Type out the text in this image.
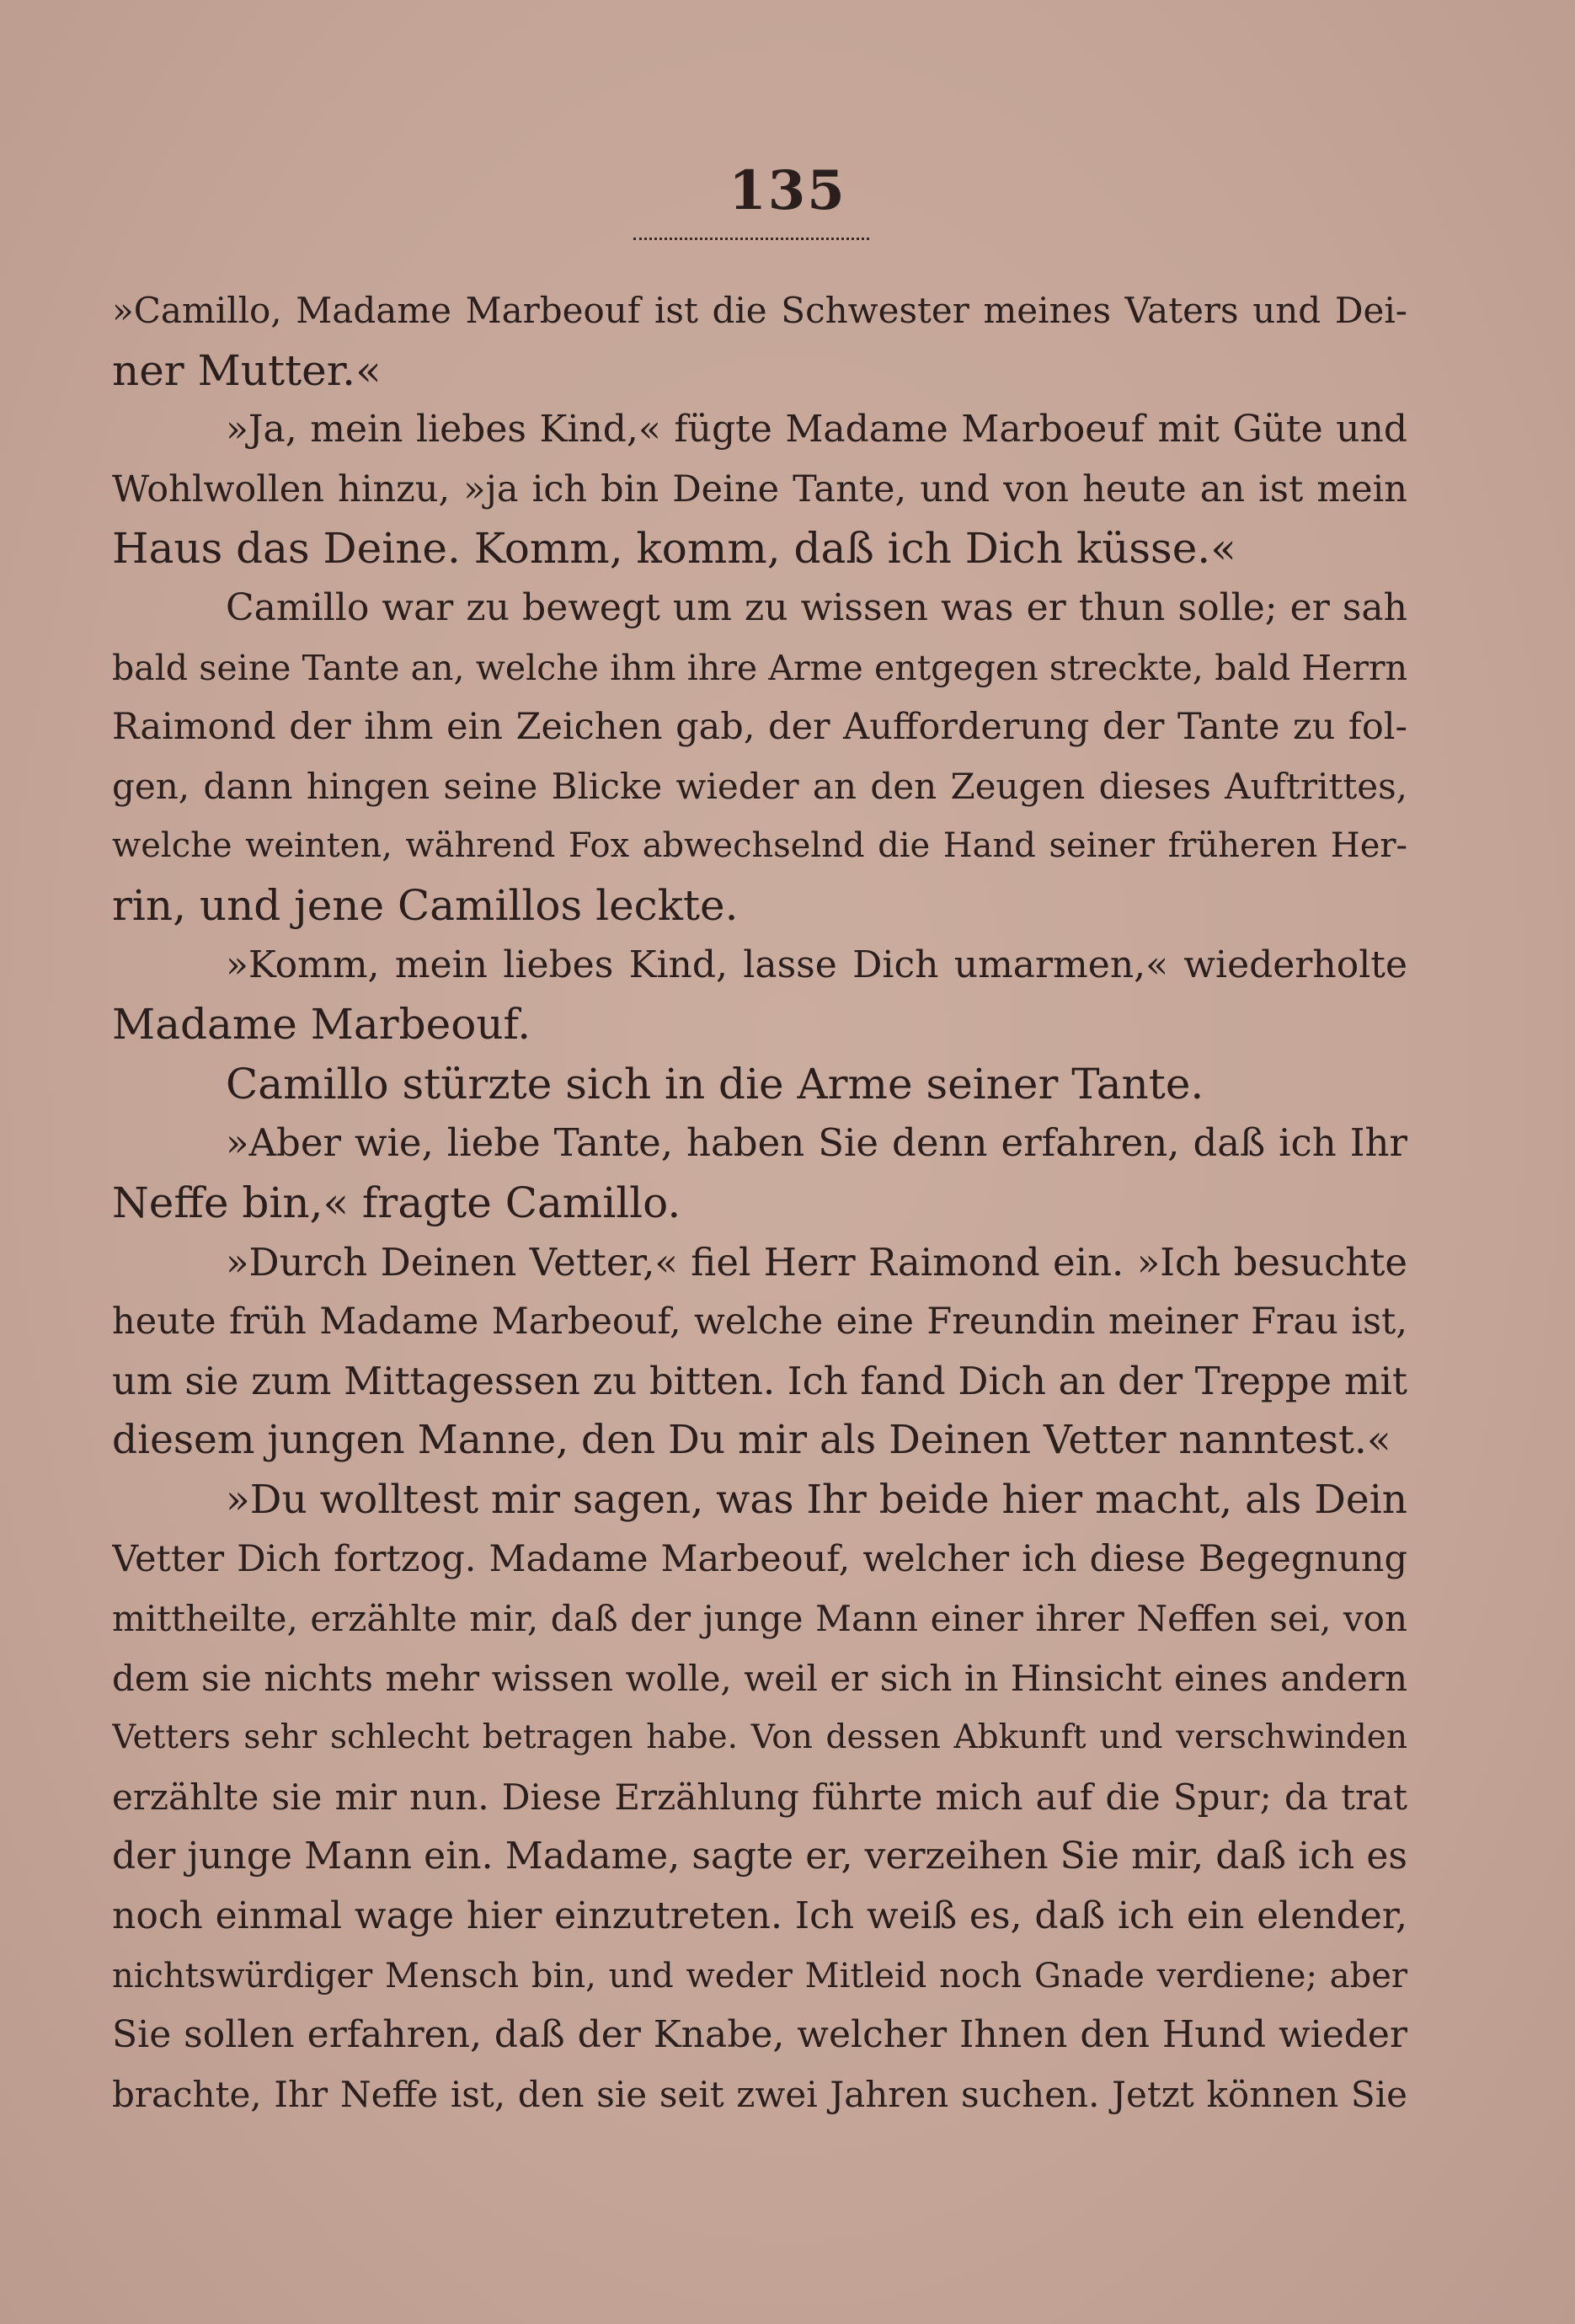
135
»Camillo, Madame Marbeouf ist die Schwester meines Vaters und Dei-
ner Mutter.«
»Ja, mein liebes Kind,« fügte Madame Marboeuf mit Güte und
Wohlwollen hinzu, »ja ich bin Deine Tante, und von heute an ist mein
Haus das Deine. Komm, komm, daß ich Dich küsse.«
Camillo war zu bewegt um zu wissen was er thun solle; er sah
bald seine Tante an, welche ihm ihre Arme entgegen streckte, bald Herrn
Raimond der ihm ein Zeichen gab, der Aufforderung der Tante zu fol-
gen, dann hingen seine Blicke wieder an den Zeugen dieses Auftrittes,
welche weinten, während Fox abwechselnd die Hand seiner früheren Her-
rin, und jene Camillos leckte.
»Komm, mein liebes Kind, lasse Dich umarmen,« wiederholte
Madame Marbeouf.
Camillo stürzte sich in die Arme seiner Tante.
»Aber wie, liebe Tante, haben Sie denn erfahren, daß ich Ihr
Neffe bin,« fragte Camillo.
»Durch Deinen Vetter,« fiel Herr Raimond ein. »Ich besuchte
heute früh Madame Marbeouf, welche eine Freundin meiner Frau ist,
um sie zum Mittagessen zu bitten. Ich fand Dich an der Treppe mit
diesem jungen Manne, den Du mir als Deinen Vetter nanntest.«
»Du wolltest mir sagen, was Ihr beide hier macht, als Dein
Vetter Dich fortzog. Madame Marbeouf, welcher ich diese Begegnung
mittheilte, erzählte mir, daß der junge Mann einer ihrer Neffen sei, von
dem sie nichts mehr wissen wolle, weil er sich in Hinsicht eines andern
Vetters sehr schlecht betragen habe. Von dessen Abkunft und verschwinden
erzählte sie mir nun. Diese Erzählung führte mich auf die Spur; da trat
der junge Mann ein. Madame, sagte er, verzeihen Sie mir, daß ich es
noch einmal wage hier einzutreten. Ich weiß es, daß ich ein elender,
nichtswürdiger Mensch bin, und weder Mitleid noch Gnade verdiene; aber
Sie sollen erfahren, daß der Knabe, welcher Ihnen den Hund wieder
brachte, Ihr Neffe ist, den sie seit zwei Jahren suchen. Jetzt können Sie
